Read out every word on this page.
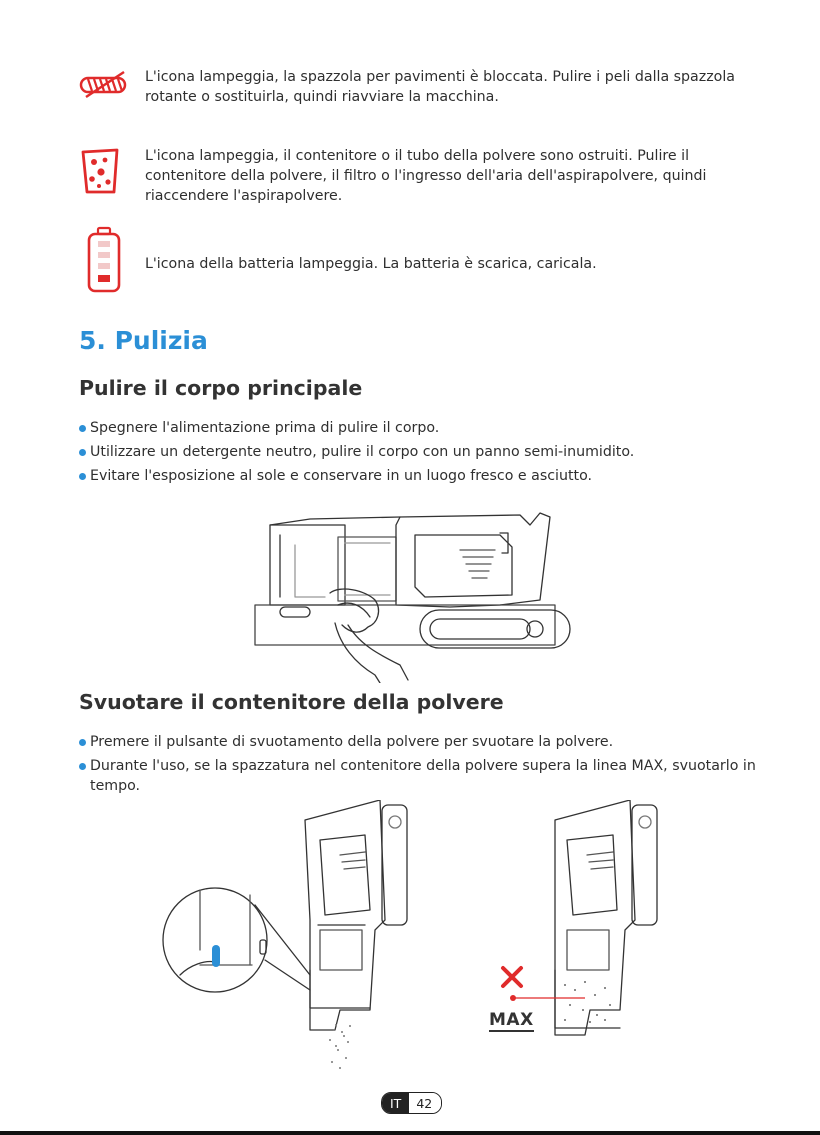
L'icona lampeggia, la spazzola per pavimenti è bloccata. Pulire i peli dalla spazzola rotante o sostituirla, quindi riavviare la macchina.
L'icona lampeggia, il contenitore o il tubo della polvere sono ostruiti. Pulire il contenitore della polvere, il filtro o l'ingresso dell'aria dell'aspirapolvere, quindi riaccendere l'aspirapolvere.
L'icona della batteria lampeggia. La batteria è scarica, caricala.
5. Pulizia
Pulire il corpo principale
Spegnere l'alimentazione prima di pulire il corpo.
Utilizzare un detergente neutro, pulire il corpo con un panno semi-inumidito.
Evitare l'esposizione al sole e conservare in un luogo fresco e asciutto.
Svuotare il contenitore della polvere
Premere il pulsante di svuotamento della polvere per svuotare la polvere.
Durante l'uso, se la spazzatura nel contenitore della polvere supera la linea MAX, svuotarlo in tempo.
MAX
IT	42
